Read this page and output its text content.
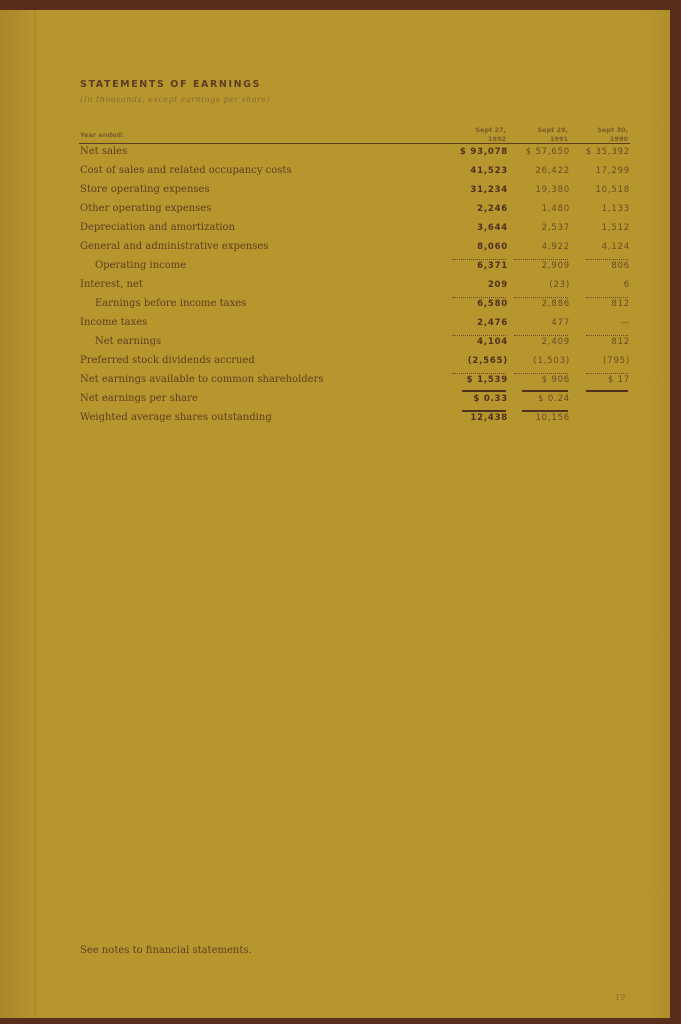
STATEMENTS OF EARNINGS
(In thousands, except earnings per share)
Year ended:
Sept 27,
1992
Sept 29,
1991
Sept 30,
1990
Net sales	$ 93,078	$ 57,650	$ 35,392
Cost of sales and related occupancy costs	41,523	26,422	17,299
Store operating expenses	31,234	19,380	10,518
Other operating expenses	2,246	1,480	1,133
Depreciation and amortization	3,644	2,537	1,512
General and administrative expenses	8,060	4,922	4,124
Operating income	6,371	2,909	806
Interest, net	209	(23)	6
Earnings before income taxes	6,580	2,886	812
Income taxes	2,476	477	—
Net earnings	4,104	2,409	812
Preferred stock dividends accrued	(2,565)	(1,503)	(795)
Net earnings available to common shareholders	$ 1,539	$ 906	$ 17
Net earnings per share	$ 0.33	$ 0.24
Weighted average shares outstanding	12,438	10,156
See notes to financial statements.
19
